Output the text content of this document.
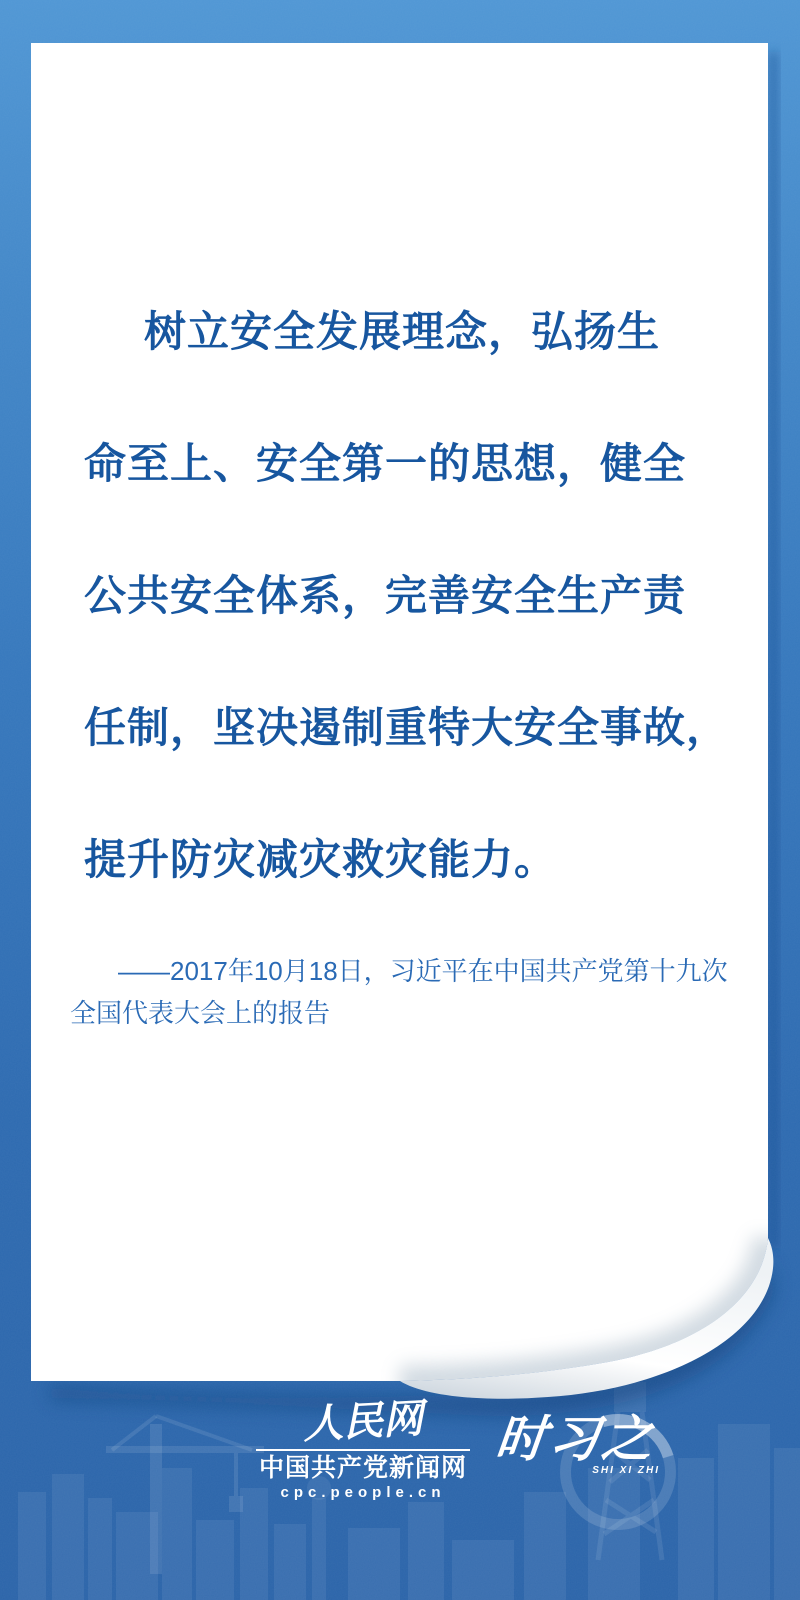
树立安全发展理念，弘扬生
命至上、安全第一的思想，健全
公共安全体系，完善安全生产责
任制，坚决遏制重特大安全事故，
提升防灾减灾救灾能力。
——2017年10月18日，习近平在中国共产党第十九次
全国代表大会上的报告
人民网
中国共产党新闻网
cpc.people.cn
时习之
SHI XI ZHI
